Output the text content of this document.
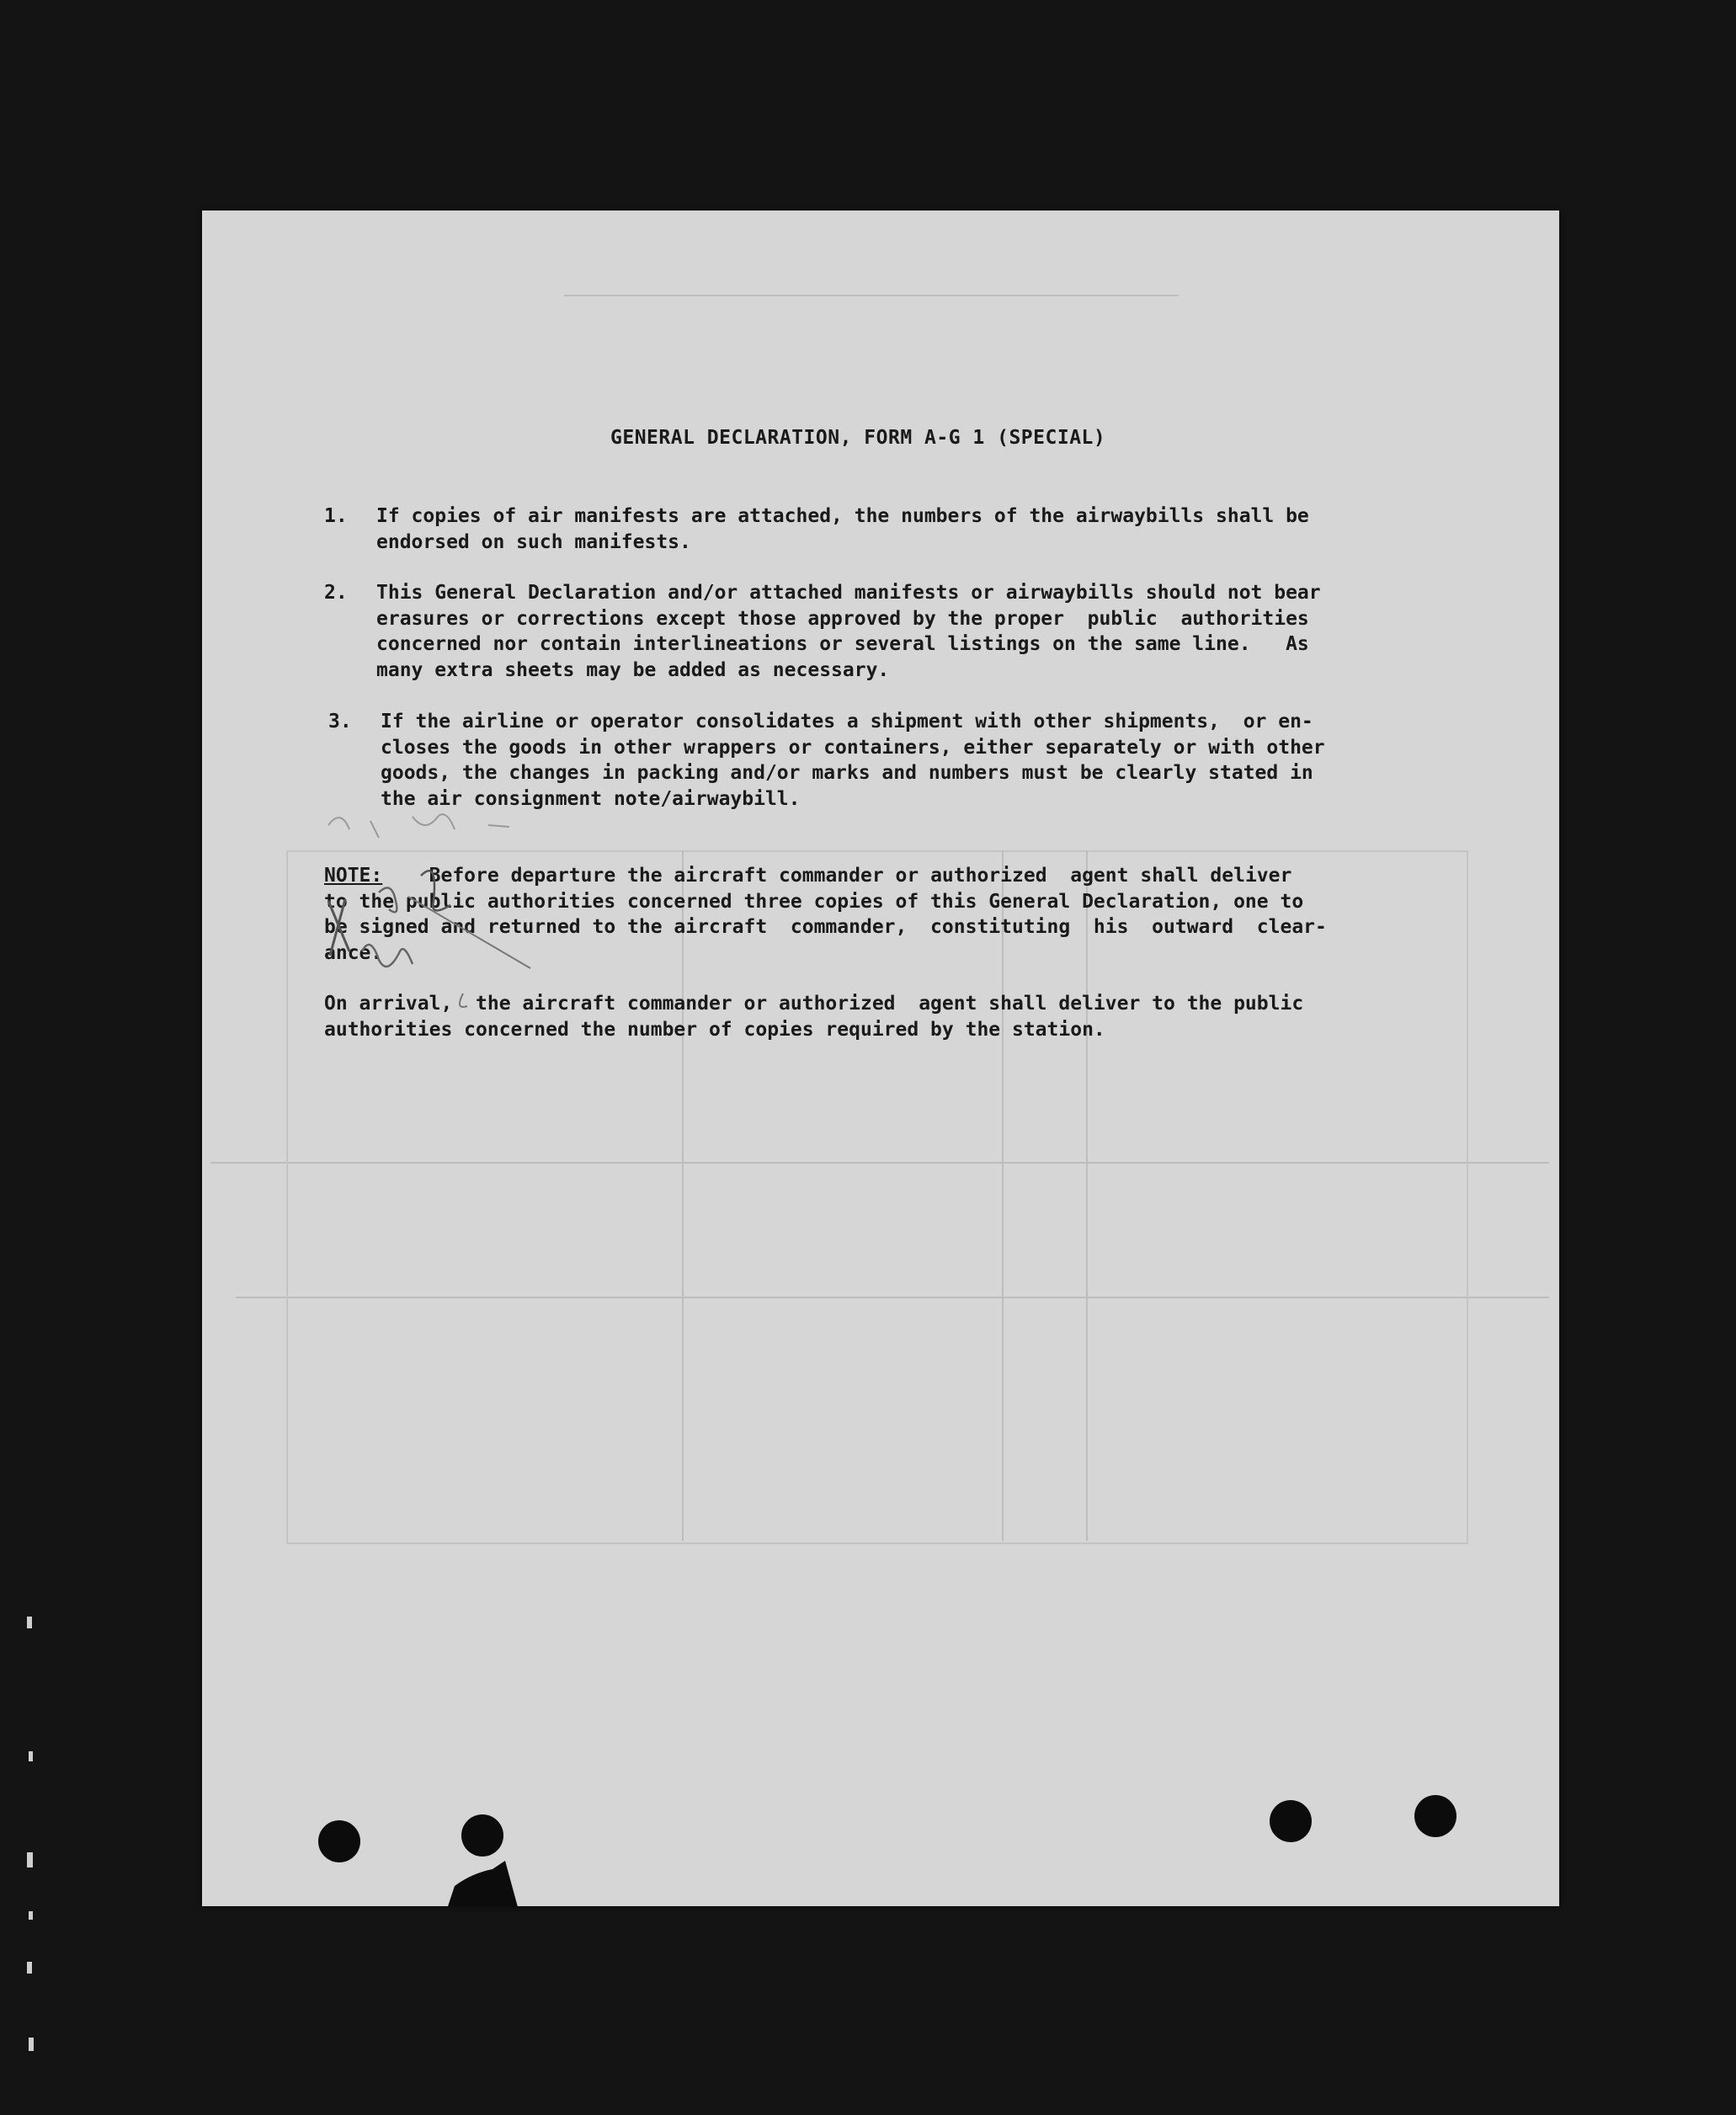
GENERAL DECLARATION, FORM A-G 1 (SPECIAL)
1. If copies of air manifests are attached, the numbers of the airwaybills shall be
endorsed on such manifests.
2. This General Declaration and/or attached manifests or airwaybills should not bear
erasures or corrections except those approved by the proper  public  authorities
concerned nor contain interlineations or several listings on the same line.   As
many extra sheets may be added as necessary.
3. If the airline or operator consolidates a shipment with other shipments,  or en-
closes the goods in other wrappers or containers, either separately or with other
goods, the changes in packing and/or marks and numbers must be clearly stated in
the air consignment note/airwaybill.
NOTE:    Before departure the aircraft commander or authorized  agent shall deliver
to the public authorities concerned three copies of this General Declaration, one to
be signed and returned to the aircraft  commander,  constituting  his  outward  clear-
ance.
On arrival,  the aircraft commander or authorized  agent shall deliver to the public
authorities concerned the number of copies required by the station.
